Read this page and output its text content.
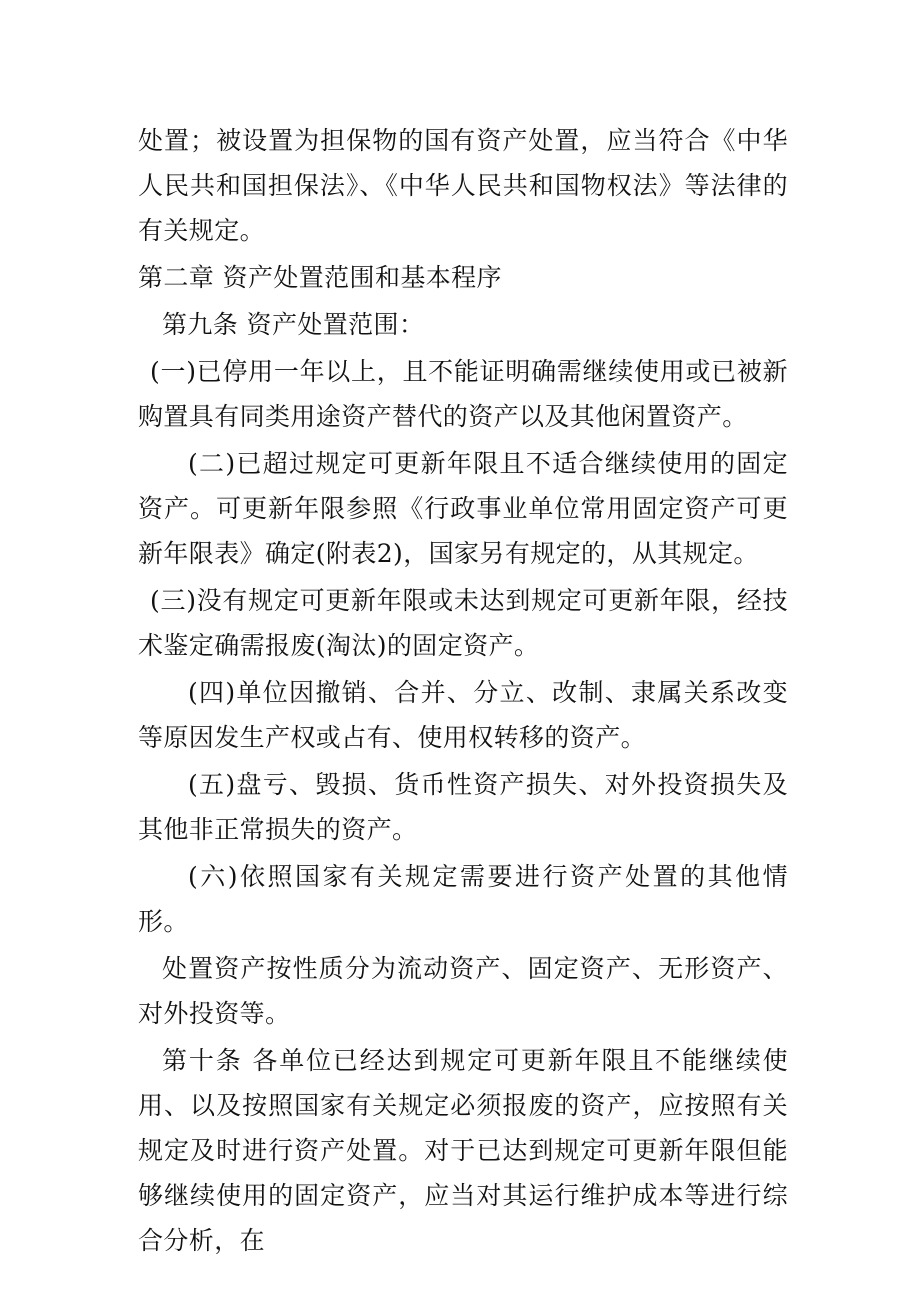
处置；被设置为担保物的国有资产处置，应当符合《中华人民共和国担保法》、《中华人民共和国物权法》等法律的有关规定。

第二章 资产处置范围和基本程序

第九条 资产处置范围：

(一)已停用一年以上，且不能证明确需继续使用或已被新购置具有同类用途资产替代的资产以及其他闲置资产。

(二)已超过规定可更新年限且不适合继续使用的固定资产。可更新年限参照《行政事业单位常用固定资产可更新年限表》确定(附表2)，国家另有规定的，从其规定。

(三)没有规定可更新年限或未达到规定可更新年限，经技术鉴定确需报废(淘汰)的固定资产。

(四)单位因撤销、合并、分立、改制、隶属关系改变等原因发生产权或占有、使用权转移的资产。

(五)盘亏、毁损、货币性资产损失、对外投资损失及其他非正常损失的资产。

(六)依照国家有关规定需要进行资产处置的其他情形。

处置资产按性质分为流动资产、固定资产、无形资产、对外投资等。

第十条 各单位已经达到规定可更新年限且不能继续使用、以及按照国家有关规定必须报废的资产，应按照有关规定及时进行资产处置。对于已达到规定可更新年限但能够继续使用的固定资产，应当对其运行维护成本等进行综合分析，在
